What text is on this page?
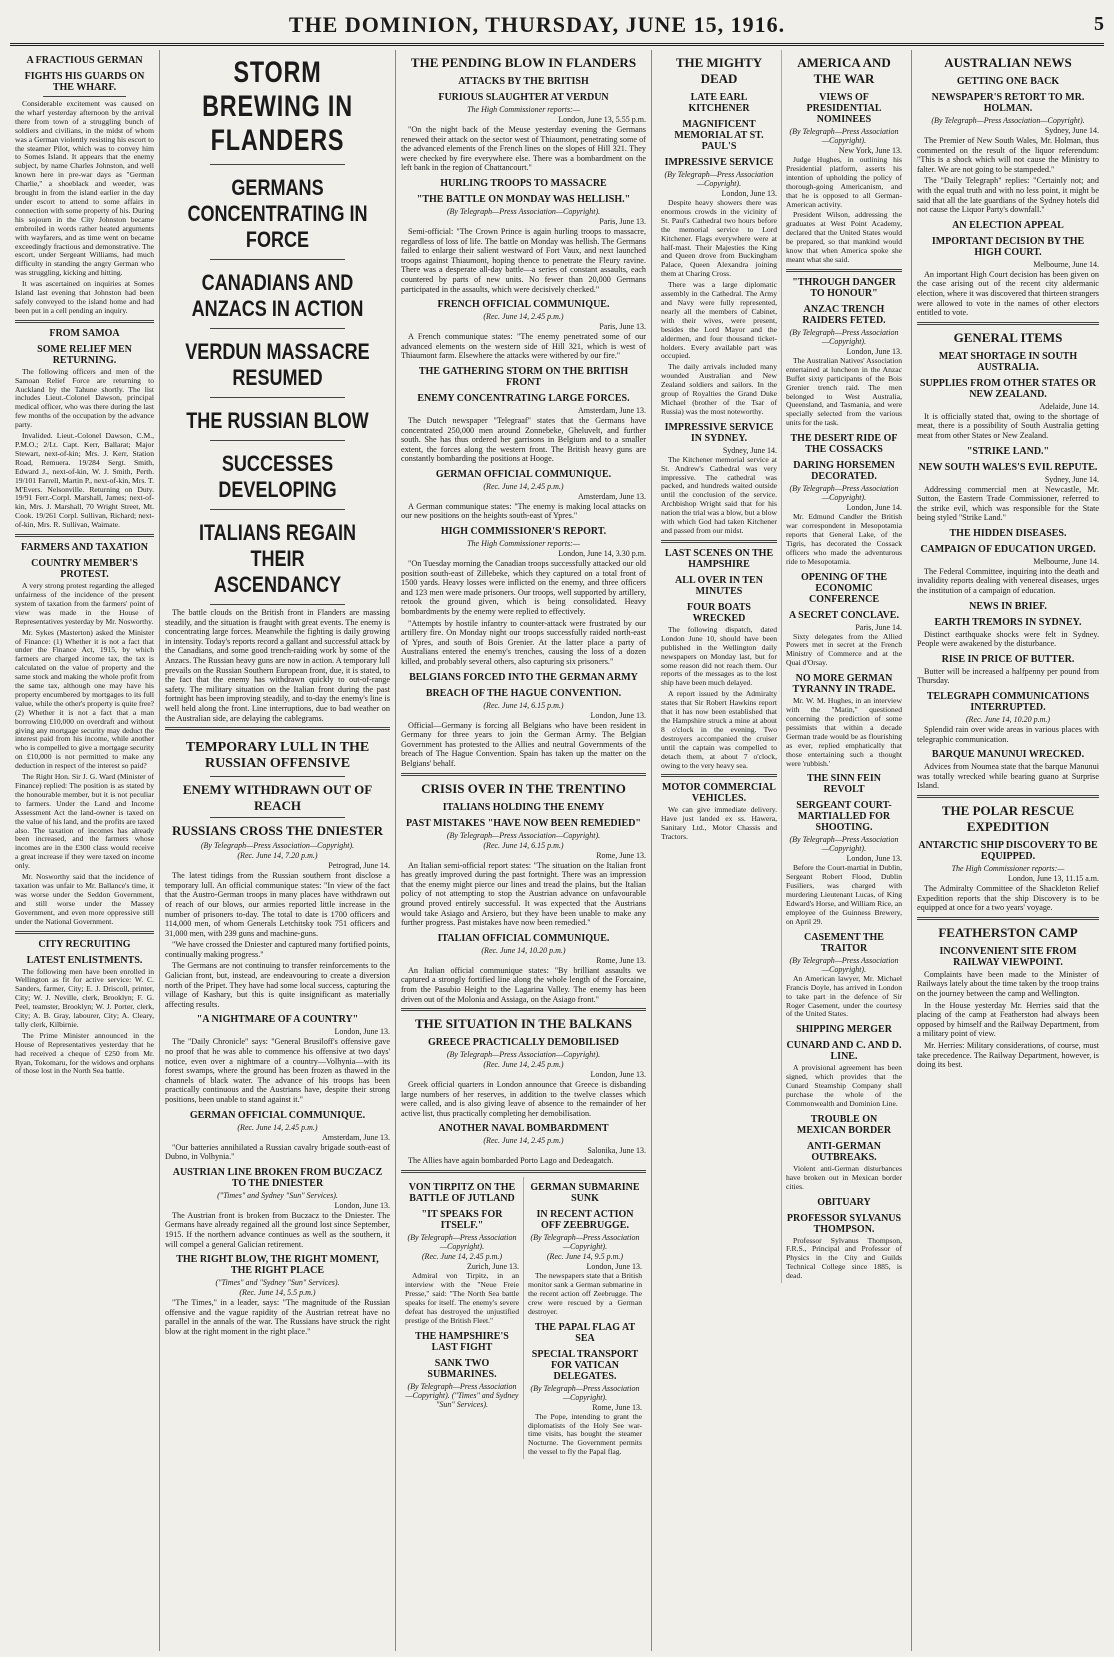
THE DOMINION, THURSDAY, JUNE 15, 1916.	5
A FRACTIOUS GERMAN
FIGHTS HIS GUARDS ON THE WHARF.

Considerable excitement was caused on the wharf yesterday afternoon by the arrival there from town of a struggling bunch of soldiers and civilians, in the midst of whom was a German violently resisting his escort to the steamer Pilot, which was to convey him to Somes Island. It appears that the enemy subject, by name Charles Johnston, and well known here in pre-war days as "German Charlie," a shoeblack and weeder, was brought in from the island earlier in the day under escort to attend to some affairs in connection with some property of his. During his sojourn in the City Johnston became embroiled in words rather heated arguments with wayfarers, and as time went on became exceedingly fractious and demonstrative. The escort, under Sergeant Williams, had much difficulty in standing the angry German who was struggling, kicking and hitting.

It was ascertained on inquiries at Somes Island last evening that Johnston had been safely conveyed to the island home and had been put in a cell pending an inquiry.

FROM SAMOA
SOME RELIEF MEN RETURNING.

The following officers and men of the Samoan Relief Force are returning to Auckland by the Tahune shortly. The list includes Lieut.-Colonel Dawson, principal medical officer, who was there during the last few months of the occupation by the advance party.

Invalided. Lieut.-Colonel Dawson, C.M., P.M.O.; 2/Lt. Capt. Kerr, Ballarat; Major Stewart, next-of-kin; Mrs. J. Kerr, Station Road, Remuera. 19/284 Sergt. Smith, Edward J., next-of-kin, W. J. Smith, Perth. 19/101 Farrell, Martin P., next-of-kin, Mrs. T. M'Evers. Nelsonville. Returning on Duty. 19/91 Ferr.-Corpl. Marshall, James; next-of-kin, Mrs. J. Marshall, 70 Wright Street, Mt. Cook. 19/261 Corpl. Sullivan, Richard; next-of-kin, Mrs. R. Sullivan, Waimate.

FARMERS AND TAXATION
COUNTRY MEMBER'S PROTEST.

A very strong protest regarding the alleged unfairness of the incidence of the present system of taxation from the farmers' point of view was made in the House of Representatives yesterday by Mr. Nosworthy.

Mr. Sykes (Masterton) asked the Minister of Finance: (1) Whether it is not a fact that under the Finance Act, 1915, by which farmers are charged income tax, the tax is calculated on the value of property and the same stock and making the whole profit from the same tax, although one may have his property encumbered by mortgages to its full value, while the other's property is quite free? (2) Whether it is not a fact that a man borrowing £10,000 on overdraft and without giving any mortgage security may deduct the interest paid from his income, while another who is compelled to give a mortgage security on £10,000 is not permitted to make any deduction in respect of the interest so paid?

The Right Hon. Sir J. G. Ward (Minister of Finance) replied: The position is as stated by the honourable member, but it is not peculiar to farmers. Under the Land and Income Assessment Act the land-owner is taxed on the value of his land, and the profits are taxed also. The taxation of incomes has already been increased, and the farmers whose incomes are in the £300 class would receive a great increase if they were taxed on income only.

Mr. Nosworthy said that the incidence of taxation was unfair to Mr. Ballance's time, it was worse under the Seddon Government, and still worse under the Massey Government, and even more oppressive still under the National Government.

CITY RECRUITING
LATEST ENLISTMENTS.

The following men have been enrolled in Wellington as fit for active service: W. C. Sanders, farmer, City; E. J. Driscoll, printer, City; W. J. Neville, clerk, Brooklyn; F. G. Peel, teamster, Brooklyn; W. J. Porter, clerk, City; A. B. Gray, labourer, City; A. Cleary, tally clerk, Kilbirnie.

The Prime Minister announced in the House of Representatives yesterday that he had received a cheque of £250 from Mr. Ryan, Tokomaru, for the widows and orphans of those lost in the North Sea battle.

STORM BREWING IN FLANDERS
GERMANS CONCENTRATING IN FORCE
CANADIANS AND ANZACS IN ACTION
VERDUN MASSACRE RESUMED
THE RUSSIAN BLOW
SUCCESSES DEVELOPING
ITALIANS REGAIN THEIR ASCENDANCY

The battle clouds on the British front in Flanders are massing steadily, and the situation is fraught with great events. The enemy is concentrating large forces. Meanwhile the fighting is daily growing in intensity. Today's reports record a gallant and successful attack by the Canadians, and some good trench-raiding work by some of the Anzacs. The Russian heavy guns are now in action. A temporary lull prevails on the Russian Southern European front, due, it is stated, to the fact that the enemy has withdrawn quickly to out-of-range safety. The military situation on the Italian front during the past fortnight has been improving steadily, and to-day the enemy's line is well held along the front. Line interruptions, due to bad weather on the Australian side, are delaying the cablegrams.

TEMPORARY LULL IN THE RUSSIAN OFFENSIVE
ENEMY WITHDRAWN OUT OF REACH
RUSSIANS CROSS THE DNIESTER
(By Telegraph—Press Association—Copyright).
(Rec. June 14, 7.20 p.m.)
Petrograd, June 14.

The latest tidings from the Russian southern front disclose a temporary lull. An official communique states: "In view of the fact that the Austro-German troops in many places have withdrawn out of reach of our blows, our armies reported little increase in the number of prisoners to-day. The total to date is 1700 officers and 114,000 men, of whom Generals Letchitsky took 751 officers and 31,000 men, with 239 guns and machine-guns.

"We have crossed the Dniester and captured many fortified points, continually making progress."

The Germans are not continuing to transfer reinforcements to the Galician front, but, instead, are endeavouring to create a diversion north of the Pripet. They have had some local success, capturing the village of Kashary, but this is quite insignificant as materially affecting results.

"A NIGHTMARE OF A COUNTRY"
London, June 13.

The "Daily Chronicle" says: "General Brusiloff's offensive gave no proof that he was able to commence his offensive at two days' notice, even over a nightmare of a country—Volhynia—with its forest swamps, where the ground has been frozen as thawed in the channels of black water. The advance of his troops has been practically continuous and the Austrians have, despite their strong positions, been unable to stand against it."

GERMAN OFFICIAL COMMUNIQUE.
(Rec. June 14, 2.45 p.m.)
Amsterdam, June 13.

"Our batteries annihilated a Russian cavalry brigade south-east of Dubno, in Volhynia."

AUSTRIAN LINE BROKEN FROM BUCZACZ TO THE DNIESTER
("Times" and Sydney "Sun" Services).
London, June 13.

The Austrian front is broken from Buczacz to the Dniester. The Germans have already regained all the ground lost since September, 1915. If the northern advance continues as well as the southern, it will compel a general Galician retirement.

THE RIGHT BLOW, THE RIGHT MOMENT, THE RIGHT PLACE
("Times" and "Sydney "Sun" Services).
(Rec. June 14, 5.5 p.m.)

"The Times," in a leader, says: "The magnitude of the Russian offensive and the vague rapidity of the Austrian retreat have no parallel in the annals of the war. The Russians have struck the right blow at the right moment in the right place."

THE PENDING BLOW IN FLANDERS
ATTACKS BY THE BRITISH
FURIOUS SLAUGHTER AT VERDUN
The High Commissioner reports:—
London, June 13, 5.55 p.m.

"On the night back of the Meuse yesterday evening the Germans renewed their attack on the sector west of Thiaumont, penetrating some of the advanced elements of the French lines on the slopes of Hill 321. They were checked by fire everywhere else. There was a bombardment on the left bank in the region of Chattancourt."

HURLING TROOPS TO MASSACRE
"THE BATTLE ON MONDAY WAS HELLISH."
(By Telegraph—Press Association—Copyright).
Paris, June 13.

Semi-official: "The Crown Prince is again hurling troops to massacre, regardless of loss of life. The battle on Monday was hellish. The Germans failed to enlarge their salient westward of Fort Vaux, and next launched troops against Thiaumont, hoping thence to penetrate the Fleury ravine. There was a desperate all-day battle—a series of constant assaults, each countered by parts of new units. No fewer than 20,000 Germans participated in the assaults, which were decisively checked."

FRENCH OFFICIAL COMMUNIQUE.
(Rec. June 14, 2.45 p.m.)
Paris, June 13.

A French communique states: "The enemy penetrated some of our advanced elements on the western side of Hill 321, which is west of Thiaumont farm. Elsewhere the attacks were withered by our fire."

THE GATHERING STORM ON THE BRITISH FRONT
ENEMY CONCENTRATING LARGE FORCES.
Amsterdam, June 13.

The Dutch newspaper "Telegraaf" states that the Germans have concentrated 250,000 men around Zonnebeke, Gheluvelt, and further south. She has thus ordered her garrisons in Belgium and to a smaller extent, the forces along the western front. The British heavy guns are constantly bombarding the positions at Hooge.

GERMAN OFFICIAL COMMUNIQUE.
(Rec. June 14, 2.45 p.m.)
Amsterdam, June 13.

A German communique states: "The enemy is making local attacks on our new positions on the heights south-east of Ypres."

HIGH COMMISSIONER'S REPORT.
The High Commissioner reports:—
London, June 14, 3.30 p.m.

"On Tuesday morning the Canadian troops successfully attacked our old position south-east of Zillebeke, which they captured on a total front of 1500 yards. Heavy losses were inflicted on the enemy, and three officers and 123 men were made prisoners. Our troops, well supported by artillery, retook the ground given, which is being consolidated. Heavy bombardments by the enemy were replied to effectively.

"Attempts by hostile infantry to counter-attack were frustrated by our artillery fire. On Monday night our troops successfully raided north-east of Ypres, and south of Bois Grenier. At the latter place a party of Australians entered the enemy's trenches, causing the loss of a dozen killed, and probably several others, also capturing six prisoners."

BELGIANS FORCED INTO THE GERMAN ARMY
BREACH OF THE HAGUE CONVENTION.
(Rec. June 14, 6.15 p.m.)
London, June 13.

Official—Germany is forcing all Belgians who have been resident in Germany for three years to join the German Army. The Belgian Government has protested to the Allies and neutral Governments of the breach of The Hague Convention. Spain has taken up the matter on the Belgians' behalf.

CRISIS OVER IN THE TRENTINO
ITALIANS HOLDING THE ENEMY
PAST MISTAKES "HAVE NOW BEEN REMEDIED"
(By Telegraph—Press Association—Copyright).
(Rec. June 14, 6.15 p.m.)
Rome, June 13.

An Italian semi-official report states: "The situation on the Italian front has greatly improved during the past fortnight. There was an impression that the enemy might pierce our lines and tread the plains, but the Italian policy of not attempting to stop the Austrian advance on unfavourable ground proved entirely successful. It was expected that the Austrians would take Asiago and Arsiero, but they have been unable to make any further progress. Past mistakes have now been remedied."

ITALIAN OFFICIAL COMMUNIQUE.
(Rec. June 14, 10.20 p.m.)
Rome, June 13.

An Italian official communique states: "By brilliant assaults we captured a strongly fortified line along the whole length of the Forcaine, from the Pasubio Height to the Lagarina Valley. The enemy has been driven out of the Molonia and Assiaga, on the Asiago front."

THE SITUATION IN THE BALKANS
GREECE PRACTICALLY DEMOBILISED
(By Telegraph—Press Association—Copyright).
(Rec. June 14, 2.45 p.m.)
London, June 13.

Greek official quarters in London announce that Greece is disbanding large numbers of her reserves, in addition to the twelve classes which were called, and is also giving leave of absence to the remainder of her active list, thus practically completing her demobilisation.

ANOTHER NAVAL BOMBARDMENT
(Rec. June 14, 2.45 p.m.)
Salonika, June 13.

The Allies have again bombarded Porto Lago and Dedeagatch.

VON TIRPITZ ON THE BATTLE OF JUTLAND
"IT SPEAKS FOR ITSELF."
(By Telegraph—Press Association—Copyright).
(Rec. June 14, 2.45 p.m.)
Zurich, June 13.

Admiral von Tirpitz, in an interview with the "Neue Freie Presse," said: "The North Sea battle speaks for itself. The enemy's severe defeat has destroyed the unjustified prestige of the British Fleet."

THE HAMPSHIRE'S LAST FIGHT
SANK TWO SUBMARINES.
(By Telegraph—Press Association—Copyright). ("Times" and Sydney "Sun" Services).
GERMAN SUBMARINE SUNK
IN RECENT ACTION OFF ZEEBRUGGE.
(By Telegraph—Press Association—Copyright).
(Rec. June 14, 9.5 p.m.)
London, June 13.

The newspapers state that a British monitor sank a German submarine in the recent action off Zeebrugge. The crew were rescued by a German destroyer.

THE PAPAL FLAG AT SEA
SPECIAL TRANSPORT FOR VATICAN DELEGATES.
(By Telegraph—Press Association—Copyright).
Rome, June 13.

The Pope, intending to grant the diplomatists of the Holy See war-time visits, has bought the steamer Nocturne. The Government permits the vessel to fly the Papal flag.

THE MIGHTY DEAD
LATE EARL KITCHENER
MAGNIFICENT MEMORIAL AT ST. PAUL'S
IMPRESSIVE SERVICE
(By Telegraph—Press Association—Copyright).
London, June 13.

Despite heavy showers there was enormous crowds in the vicinity of St. Paul's Cathedral two hours before the memorial service to Lord Kitchener. Flags everywhere were at half-mast. Their Majesties the King and Queen drove from Buckingham Palace, Queen Alexandra joining them at Charing Cross.

There was a large diplomatic assembly in the Cathedral. The Army and Navy were fully represented, nearly all the members of Cabinet, with their wives, were present, besides the Lord Mayor and the aldermen, and four thousand ticket-holders. Every available part was occupied.

The daily arrivals included many wounded Australian and New Zealand soldiers and sailors. In the group of Royalties the Grand Duke Michael (brother of the Tsar of Russia) was the most noteworthy.

IMPRESSIVE SERVICE IN SYDNEY.
Sydney, June 14.

The Kitchener memorial service at St. Andrew's Cathedral was very impressive. The cathedral was packed, and hundreds waited outside until the conclusion of the service. Archbishop Wright said that for his nation the trial was a blow, but a blow with which God had taken Kitchener and passed from our midst.

LAST SCENES ON THE HAMPSHIRE
ALL OVER IN TEN MINUTES
FOUR BOATS WRECKED

The following dispatch, dated London June 10, should have been published in the Wellington daily newspapers on Monday last, but for some reason did not reach them. Our reports of the messages as to the lost ship have been much delayed.

A report issued by the Admiralty states that Sir Robert Hawkins report that it has now been established that the Hampshire struck a mine at about 8 o'clock in the evening. Two destroyers accompanied the cruiser until the captain was compelled to detach them, at about 7 o'clock, owing to the very heavy sea.

MOTOR COMMERCIAL VEHICLES.

We can give immediate delivery. Have just landed ex ss. Hawera, Sanitary Ltd., Motor Chassis and Tractors.

AMERICA AND THE WAR
VIEWS OF PRESIDENTIAL NOMINEES
(By Telegraph—Press Association—Copyright).
New York, June 13.

Judge Hughes, in outlining his Presidential platform, asserts his intention of upholding the policy of thorough-going Americanism, and that he is opposed to all German-American activity.

President Wilson, addressing the graduates at West Point Academy, declared that the United States would be prepared, so that mankind would know that when America spoke she meant what she said.

"THROUGH DANGER TO HONOUR"
ANZAC TRENCH RAIDERS FETED.
(By Telegraph—Press Association—Copyright).
London, June 13.

The Australian Natives' Association entertained at luncheon in the Anzac Buffet sixty participants of the Bois Grenier trench raid. The men belonged to West Australia, Queensland, and Tasmania, and were specially selected from the various units for the task.

THE DESERT RIDE OF THE COSSACKS
DARING HORSEMEN DECORATED.
(By Telegraph—Press Association—Copyright).
London, June 14.

Mr. Edmund Candler the British war correspondent in Mesopotamia reports that General Lake, of the Tigris, has decorated the Cossack officers who made the adventurous ride to Mesopotamia.

OPENING OF THE ECONOMIC CONFERENCE
A SECRET CONCLAVE.
Paris, June 14.

Sixty delegates from the Allied Powers met in secret at the French Ministry of Commerce and at the Quai d'Orsay.

NO MORE GERMAN TYRANNY IN TRADE.

Mr. W. M. Hughes, in an interview with the "Matin," questioned concerning the prediction of some pessimists that within a decade German trade would be as flourishing as ever, replied emphatically that those entertaining such a thought were 'rubbish.'

THE SINN FEIN REVOLT
SERGEANT COURT-MARTIALLED FOR SHOOTING.
(By Telegraph—Press Association—Copyright).
London, June 13.

Before the Court-martial in Dublin, Sergeant Robert Flood, Dublin Fusiliers, was charged with murdering Lieutenant Lucas, of King Edward's Horse, and William Rice, an employee of the Guinness Brewery, on April 29.

CASEMENT THE TRAITOR
(By Telegraph—Press Association—Copyright).

An American lawyer, Mr. Michael Francis Doyle, has arrived in London to take part in the defence of Sir Roger Casement, under the courtesy of the United States.

SHIPPING MERGER
CUNARD AND C. AND D. LINE.

A provisional agreement has been signed, which provides that the Cunard Steamship Company shall purchase the whole of the Commonwealth and Dominion Line.

TROUBLE ON MEXICAN BORDER
ANTI-GERMAN OUTBREAKS.

Violent anti-German disturbances have broken out in Mexican border cities.

OBITUARY
PROFESSOR SYLVANUS THOMPSON.

Professor Sylvanus Thompson, F.R.S., Principal and Professor of Physics in the City and Guilds Technical College since 1885, is dead.

AUSTRALIAN NEWS
GETTING ONE BACK
NEWSPAPER'S RETORT TO MR. HOLMAN.
(By Telegraph—Press Association—Copyright).
Sydney, June 14.

The Premier of New South Wales, Mr. Holman, thus commented on the result of the liquor referendum: "This is a shock which will not cause the Ministry to falter. We are not going to be stampeded."

The "Daily Telegraph" replies: "Certainly not; and with the equal truth and with no less point, it might be said that all the late guardians of the Sydney hotels did not cause the Liquor Party's downfall."

AN ELECTION APPEAL
IMPORTANT DECISION BY THE HIGH COURT.
Melbourne, June 14.

An important High Court decision has been given on the case arising out of the recent city aldermanic election, where it was discovered that thirteen strangers were allowed to vote in the names of other electors entitled to vote.

GENERAL ITEMS
MEAT SHORTAGE IN SOUTH AUSTRALIA.
SUPPLIES FROM OTHER STATES OR NEW ZEALAND.
Adelaide, June 14.

It is officially stated that, owing to the shortage of meat, there is a possibility of South Australia getting meat from other States or New Zealand.

"STRIKE LAND."
NEW SOUTH WALES'S EVIL REPUTE.
Sydney, June 14.

Addressing commercial men at Newcastle, Mr. Sutton, the Eastern Trade Commissioner, referred to the strike evil, which was responsible for the State being styled "Strike Land."

THE HIDDEN DISEASES.
CAMPAIGN OF EDUCATION URGED.
Melbourne, June 14.

The Federal Committee, inquiring into the death and invalidity reports dealing with venereal diseases, urges the institution of a campaign of education.

NEWS IN BRIEF.
EARTH TREMORS IN SYDNEY.

Distinct earthquake shocks were felt in Sydney. People were awakened by the disturbance.

RISE IN PRICE OF BUTTER.

Butter will be increased a halfpenny per pound from Thursday.

TELEGRAPH COMMUNICATIONS INTERRUPTED.
(Rec. June 14, 10.20 p.m.)

Splendid rain over wide areas in various places with telegraphic communication.

BARQUE MANUNUI WRECKED.

Advices from Noumea state that the barque Manunui was totally wrecked while bearing guano at Surprise Island.

THE POLAR RESCUE EXPEDITION
ANTARCTIC SHIP DISCOVERY TO BE EQUIPPED.
The High Commissioner reports:—
London, June 13, 11.15 a.m.

The Admiralty Committee of the Shackleton Relief Expedition reports that the ship Discovery is to be equipped at once for a two years' voyage.

FEATHERSTON CAMP
INCONVENIENT SITE FROM RAILWAY VIEWPOINT.

Complaints have been made to the Minister of Railways lately about the time taken by the troop trains on the journey between the camp and Wellington.

In the House yesterday Mr. Herries said that the placing of the camp at Featherston had always been opposed by himself and the Railway Department, from a military point of view.

Mr. Herries: Military considerations, of course, must take precedence. The Railway Department, however, is doing its best.
